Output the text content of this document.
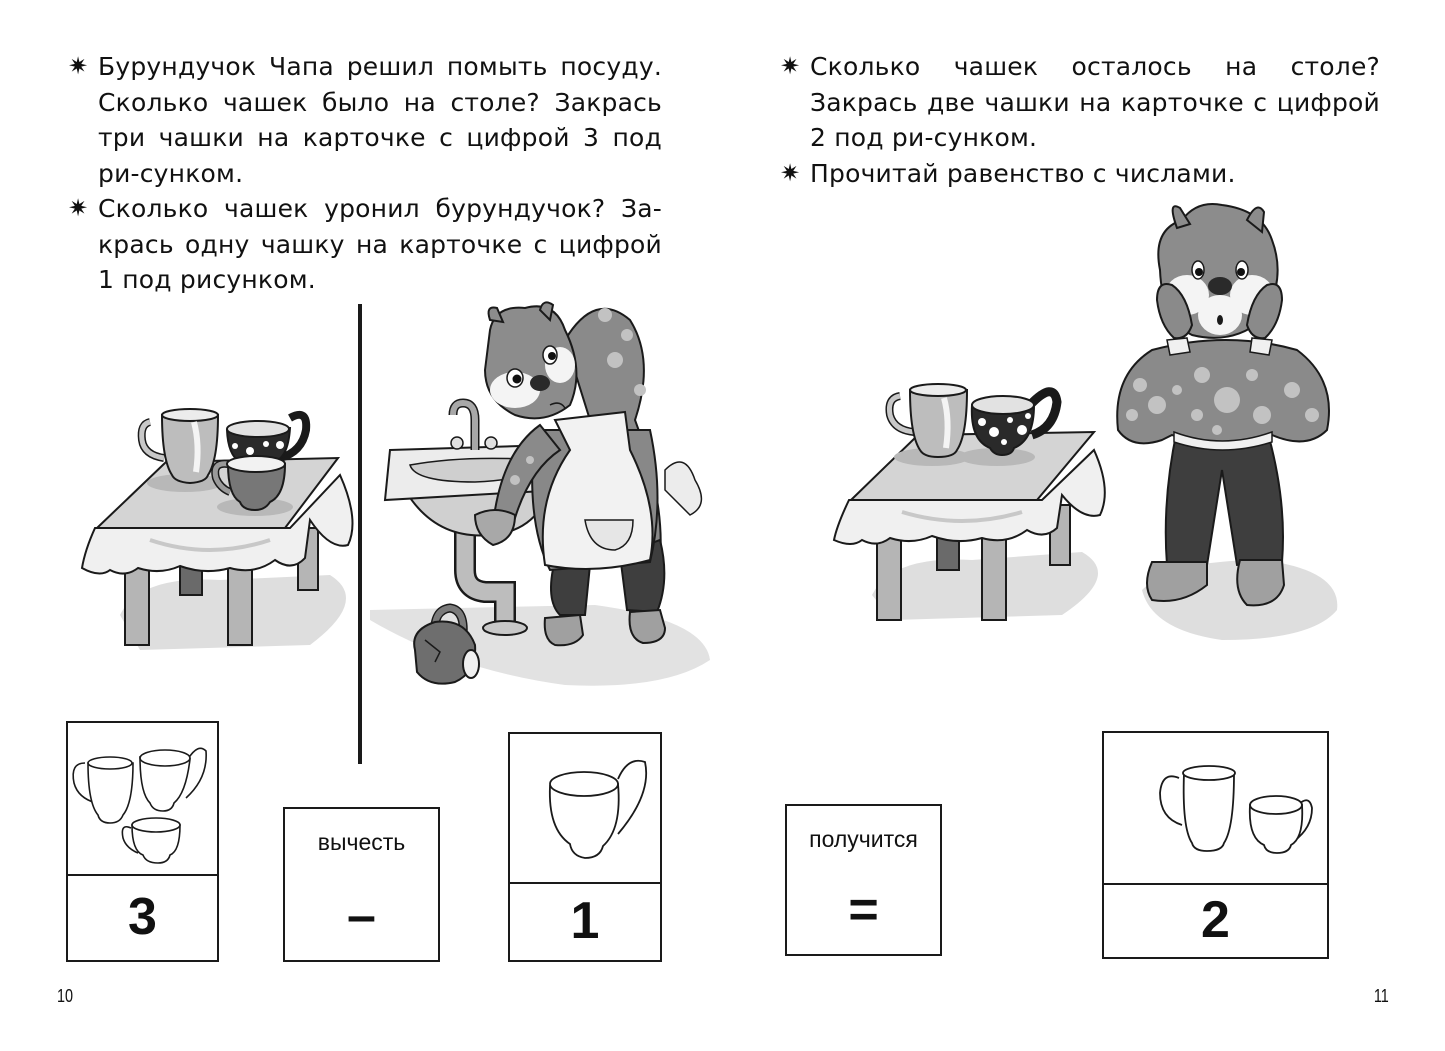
✷ Бурундучок Чапа решил помыть посуду. Сколько чашек было на столе? Закрась три чашки на карточке с цифрой 3 под ри-сунком.
✷ Сколько чашек уронил бурундучок? За-крась одну чашку на карточке с цифрой 1 под рисунком.
3
вычесть
–	1
10
✷ Сколько чашек осталось на столе? Закрась две чашки на карточке с цифрой 2 под ри-сунком.
✷ Прочитай равенство с числами.
получится
=	2
11
